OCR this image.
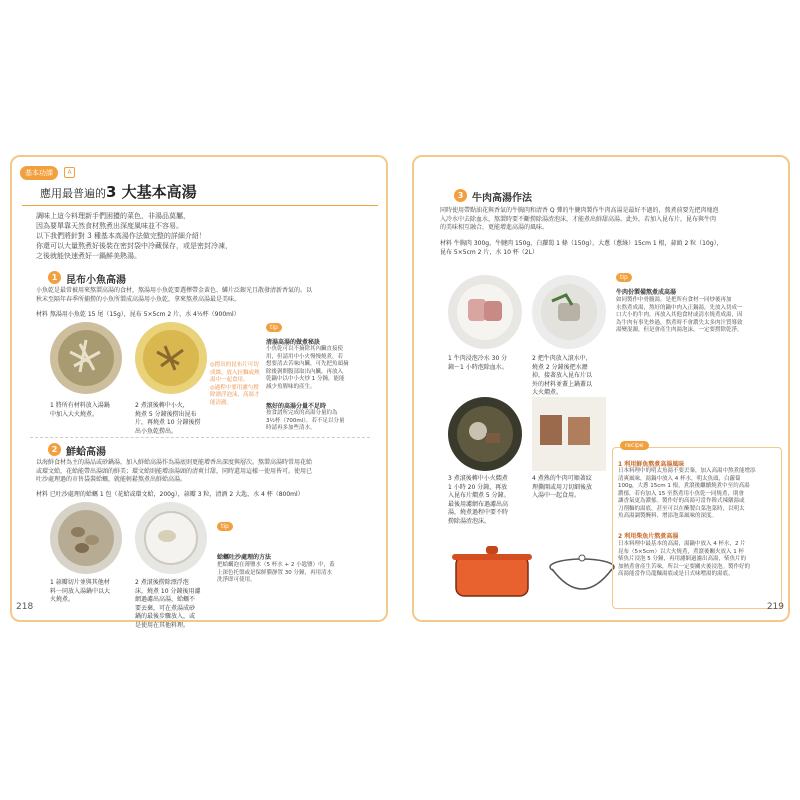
基本功課	A
應用最普遍的3 大基本高湯
調味上這今料理新手們困擾的菜色，非湯品莫屬，
因為要單靠天然食材熬煮出深度風味並不容易。
以下我們將針對 3 種基本高湯作法做完整的詳細介紹！
你還可以大量熬煮好後裝在密封袋中冷藏保存，或是密封冷凍，
之後就能快速煮好一鍋鮮美熱湯。
1 昆布小魚高湯
小魚乾是最常被用來熬製高湯的食材，熬湯用小魚乾要選擇帶金黃色、鱗片泛銀光且散發清新香氣的。以
秋末至隔年春季所捕撈的小魚所製成高湯用小魚乾，拿來熬煮高湯最是美味。
材料 熬湯用小魚乾 15 尾（15g），昆布 5×5cm 2 片，水 4½杯（900ml）
1 將所有材料放入湯鍋
中加入大火燒煮。
2 煮滾後轉中小火，
燒煮 5 分鐘後撈出昆布
片，再燒煮 10 分鐘後撈
出小魚乾撈出。
◎撈出的昆布片可切
成絲，放入拉麵或熱
湯中一起食用。
◎過程中要用濾勺撈
除漂浮泡沫，高湯才
能清澈。
tip
清湯高湯的做煮秘訣
小魚乾可以不摘除其內臟直接使
用，但請用中小火慢慢燒煮，若
想要清去苦味內臟，可先把魚頭摘
除後剝開腹部取出內臟，再放入
乾鍋中以中小火炒 1 分鐘，能能
減少魚腥味的產生。
熬好的高湯分量不足時
按食譜所完成的高湯分量約為
3½杯（700ml），若不足以分量
時請再多加些清水。
2 鮮蛤高湯
以海鮮食材為主的湯品或砂鍋湯，加入鮮蛤高湯作為湯底則更能增香出深度與層次。熬製高湯時常用花蛤
或環文蛤，花蛤能帶出湯頭的鮮美；環文蛤則能增添湯頭的清爽甘甜，同時還用這樣一使用皆可。使用已
吐沙處理過的市售袋裝蛤蠣，就能輕鬆熬煮出鮮蛤高湯。
材料 已吐沙處理的蛤蠣 1 包（花蛤或環文蛤，200g），蒜瓣 3 粒，清酒 2 大匙，水 4 杯（800ml）
1 蒜瓣切片並與其他材
料一同放入湯鍋中以大
火燒煮。
2 煮滾後撈除漂浮泡
沫，燒煮 10 分鐘後用濾
網過濾出高湯，蛤蠣不
要丟棄，可在煮湯成砂
鍋的最後步驟放入，或
是使用在其他料理。
tip
蛤蠣吐沙處理的方法
把蛤蠣泡在薄鹽水（5 杯水 + 2 小匙鹽）中，蓋
上深色托盤或是保鮮膜靜置 30 分鐘，再用清水
洗淨即可使用。
218
3 牛肉高湯作法
同時使用帶點油花與香氣的牛胸肉和清香 Q 彈的牛腱肉製作牛肉高湯是最好不過的，熬煮前要先把肉塊泡
入冷水中去除血水，熬製時要不斷撈除湯渣泡沫，才能煮出鮮甜高湯。此外，若加入昆布片，昆布與牛肉
的美味相互融合，更能增進高湯的風味。
材料 牛胸肉 300g，牛腱肉 150g，白蘿蔔 1 條（150g），大蔥（蔥綠）15cm 1 根，蒜頭 2 粒（10g），
昆布 5×5cm 2 片，水 10 杯（2L）
1 牛肉浸泡冷水 30 分
鐘～1 小時泡除血水。
2 把牛肉放入滾水中，
燒煮 2 分鐘後把水瀝
掉，接著放入昆布片以
外的材料並蓋上鍋蓋以
大火燜煮。
tip
牛肉份製備熬煮成高湯
如同製作中骨髓湯，是把所有食材一同炒後再加
水熬煮成湯，熬好的鍋中肉入正鍋湯，先放入切成一
口大小的牛肉，再放入其他食材或清水燒煮成湯，因
為牛肉有事先炒過，熬煮時不會濃失太多肉汁質導致
湯變混濁，但是會產生肉湯泡沫，一定要撈除乾淨。
3 煮滾後轉中小火燜煮
1 小時 20 分鐘，再放
入昆布片燜煮 5 分鐘。
最後用濾網布過濾出高
湯，燒煮過程中要不時
撈除湯渣泡沫。
4 煮熟的牛肉可順著紋
理撕開或用刀切細後放
入湯中一起食用。
recipe
1 利用鮮魚熬煮高湯風味
日本料理中的明太魚湯不要丟棄，加入高湯中熬煮能增添
清爽風味，湯鍋中放入 4 杯水，明太魚頭，白蘿蔔
100g，大蔥 15cm 1 根，煮滾後繼續燒煮中至約高湯
濃郁，若有加入 15 至熬煮用小魚乾一同燒煮，則會
讓香氣更為濃郁。製作好的高湯可當作韓式辣燉湯或
刀削麵的湯底，甚至可以在醃製白菜泡菜時，以明太
魚高湯調製醃料，增添泡菜風味的深度。
2 利用柴魚片熬煮高湯
日本料理中最基本的高湯，湯鍋中放入 4 杯水，2 片
昆布（5×5cm）以大火燒煮，煮滾後關火放入 1 杯
柴魚片浸泡 5 分鐘，再用濾網過濾出高湯，柴魚片的
加熱煮會產生苦味，所以一定要關火後浸泡。製作好的
高湯能當作烏龍麵湯底或是日式味噌湯的湯底。
219
